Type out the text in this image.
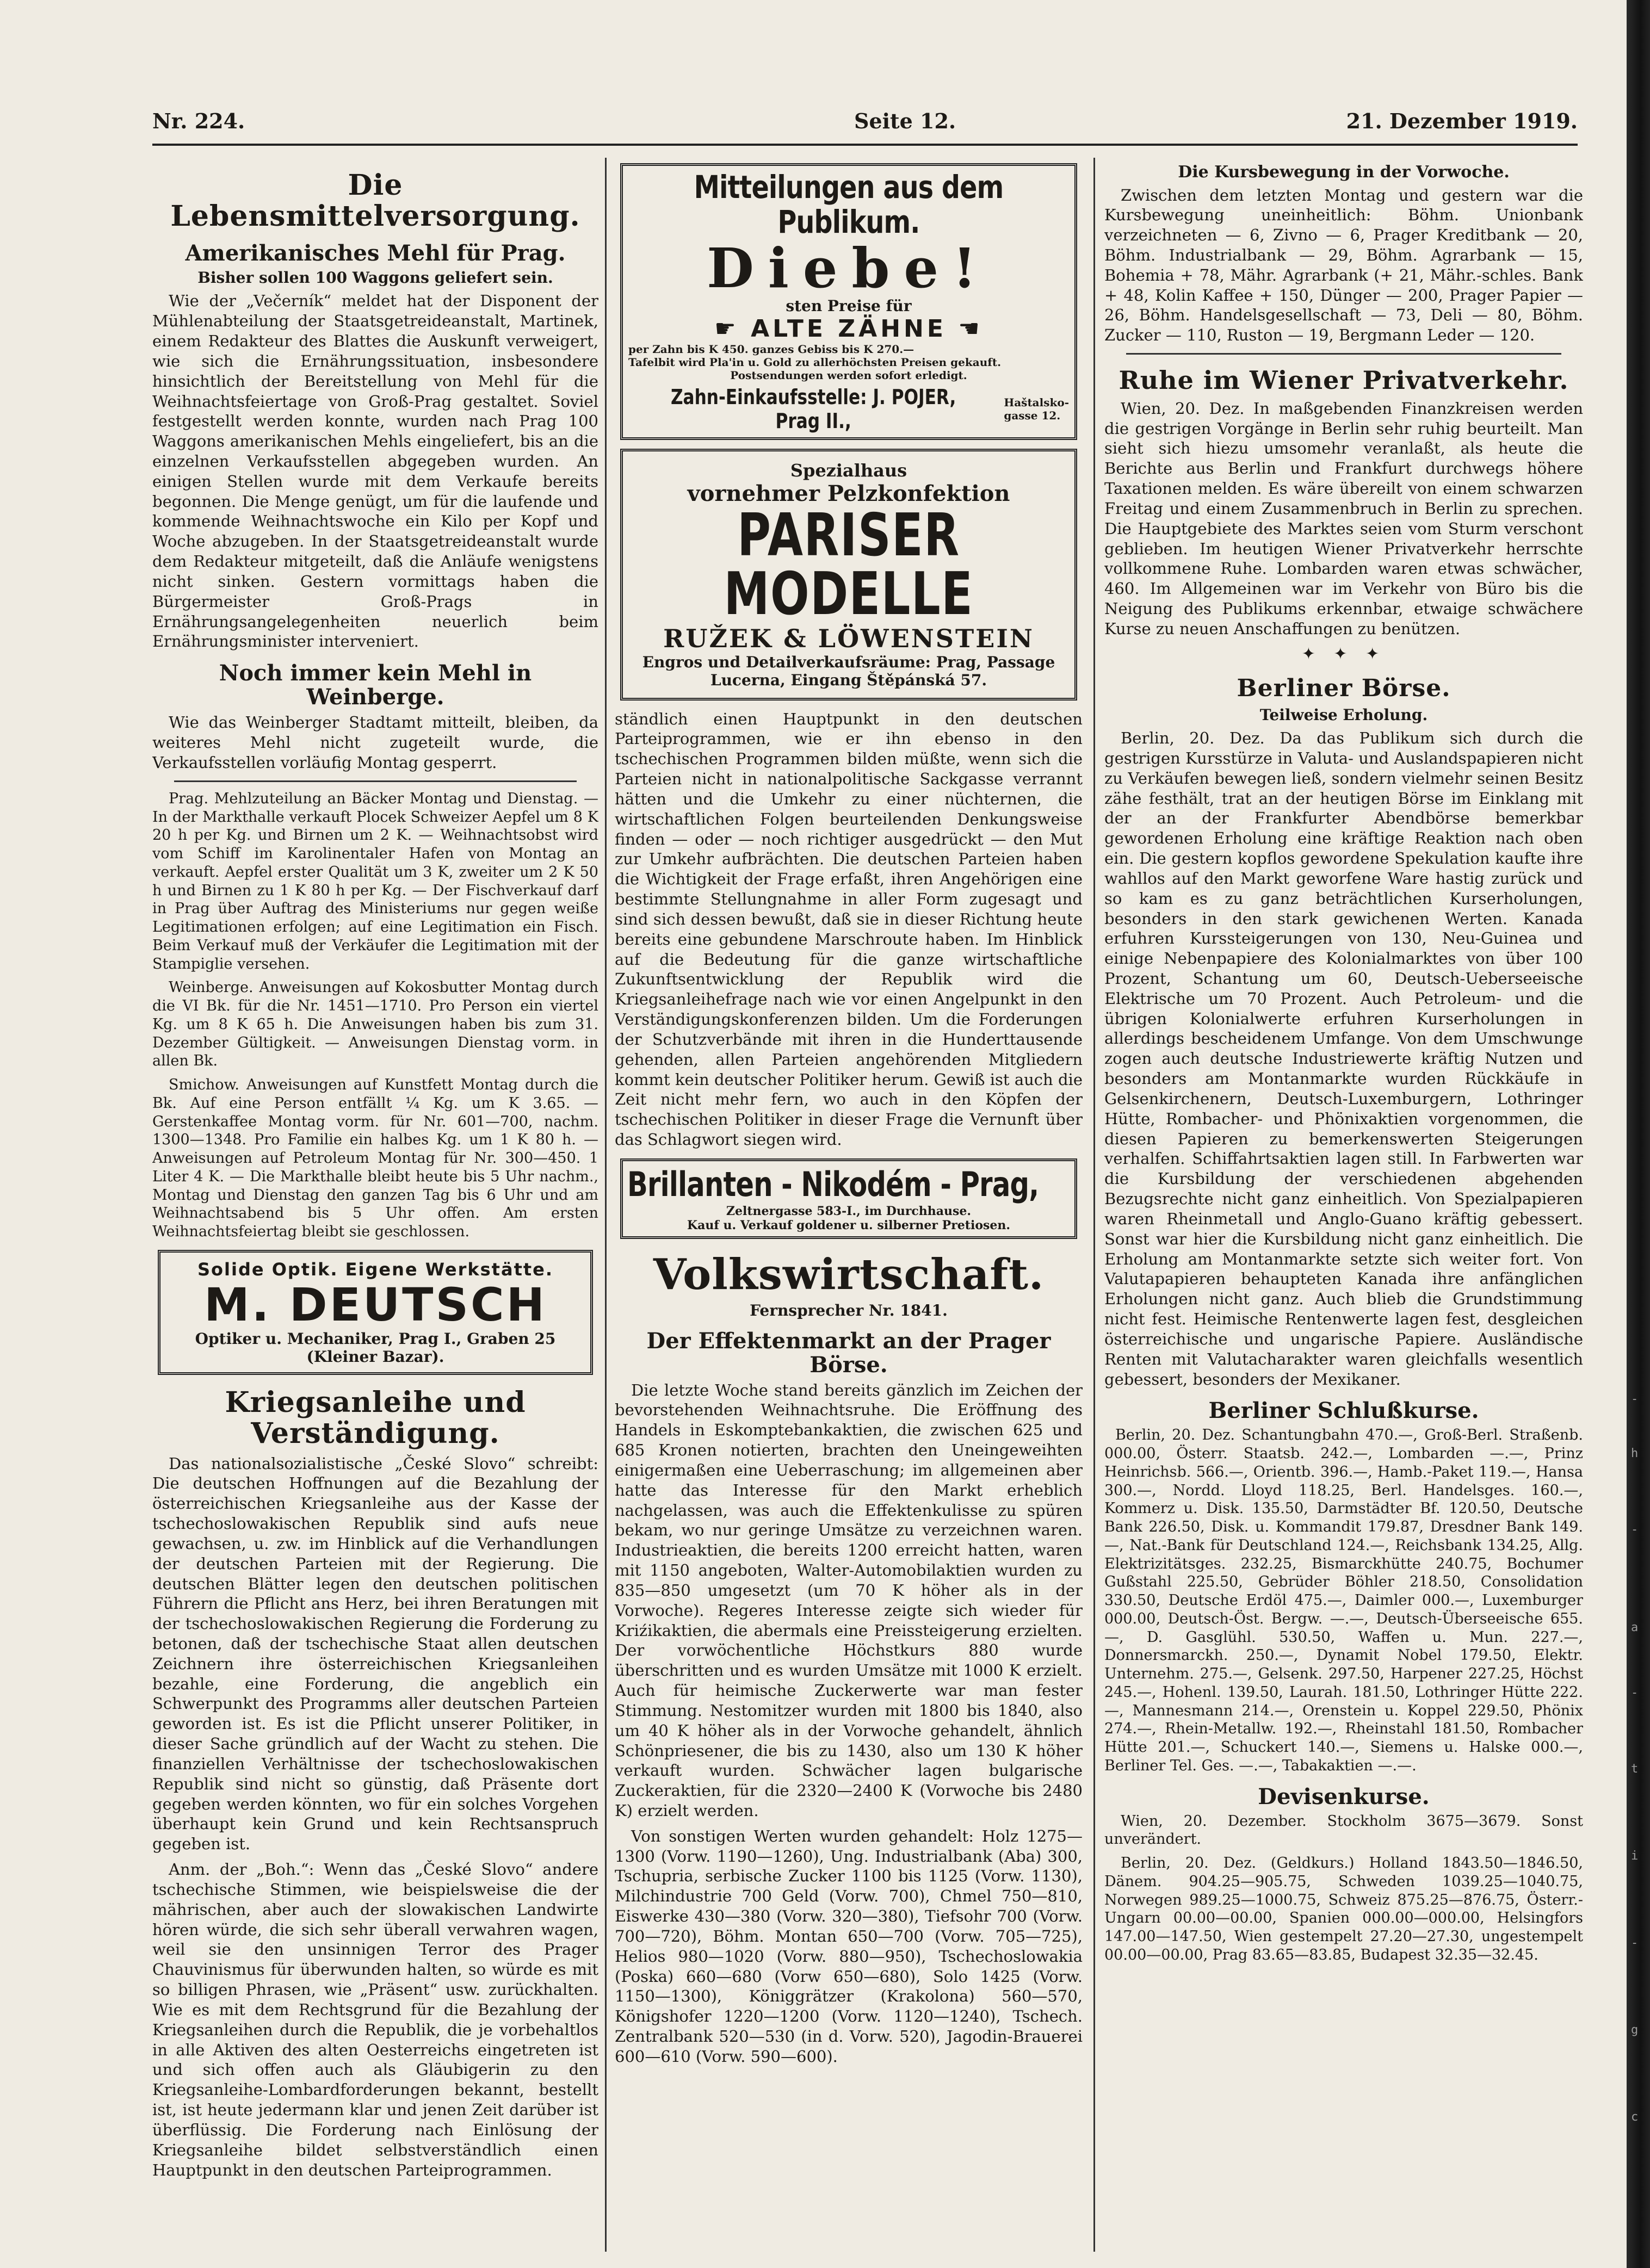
Nr. 224.	Seite 12.	21. Dezember 1919.
Die Lebensmittelversorgung.
Amerikanisches Mehl für Prag.
Bisher sollen 100 Waggons geliefert sein.

Wie der „Večerník“ meldet hat der Disponent der Mühlenabteilung der Staatsgetreideanstalt, Martinek, einem Redakteur des Blattes die Auskunft verweigert, wie sich die Ernährungssituation, insbesondere hinsichtlich der Bereitstellung von Mehl für die Weihnachtsfeiertage von Groß-Prag gestaltet. Soviel festgestellt werden konnte, wurden nach Prag 100 Waggons amerikanischen Mehls eingeliefert, bis an die einzelnen Verkaufsstellen abgegeben wurden. An einigen Stellen wurde mit dem Verkaufe bereits begonnen. Die Menge genügt, um für die laufende und kommende Weihnachtswoche ein Kilo per Kopf und Woche abzugeben. In der Staatsgetreideanstalt wurde dem Redakteur mitgeteilt, daß die Anläufe wenigstens nicht sinken. Gestern vormittags haben die Bürgermeister Groß-Prags in Ernährungsangelegenheiten neuerlich beim Ernährungsminister interveniert.

Noch immer kein Mehl in Weinberge.

Wie das Weinberger Stadtamt mitteilt, bleiben, da weiteres Mehl nicht zugeteilt wurde, die Verkaufsstellen vorläufig Montag gesperrt.

Prag. Mehlzuteilung an Bäcker Montag und Dienstag. — In der Markthalle verkauft Plocek Schweizer Aepfel um 8 K 20 h per Kg. und Birnen um 2 K. — Weihnachtsobst wird vom Schiff im Karolinentaler Hafen von Montag an verkauft. Aepfel erster Qualität um 3 K, zweiter um 2 K 50 h und Birnen zu 1 K 80 h per Kg. — Der Fischverkauf darf in Prag über Auftrag des Ministeriums nur gegen weiße Legitimationen erfolgen; auf eine Legitimation ein Fisch. Beim Verkauf muß der Verkäufer die Legitimation mit der Stampiglie versehen.

Weinberge. Anweisungen auf Kokosbutter Montag durch die VI Bk. für die Nr. 1451—1710. Pro Person ein viertel Kg. um 8 K 65 h. Die Anweisungen haben bis zum 31. Dezember Gültigkeit. — Anweisungen Dienstag vorm. in allen Bk.

Smichow. Anweisungen auf Kunstfett Montag durch die Bk. Auf eine Person entfällt ¼ Kg. um K 3.65. — Gerstenkaffee Montag vorm. für Nr. 601—700, nachm. 1300—1348. Pro Familie ein halbes Kg. um 1 K 80 h. — Anweisungen auf Petroleum Montag für Nr. 300—450. 1 Liter 4 K. — Die Markthalle bleibt heute bis 5 Uhr nachm., Montag und Dienstag den ganzen Tag bis 6 Uhr und am Weihnachtsabend bis 5 Uhr offen. Am ersten Weihnachtsfeiertag bleibt sie geschlossen.

Solide Optik. Eigene Werkstätte.
M. DEUTSCH
Optiker u. Mechaniker, Prag I., Graben 25
(Kleiner Bazar).
Kriegsanleihe und Verständigung.

Das nationalsozialistische „České Slovo“ schreibt: Die deutschen Hoffnungen auf die Bezahlung der österreichischen Kriegsanleihe aus der Kasse der tschechoslowakischen Republik sind aufs neue gewachsen, u. zw. im Hinblick auf die Verhandlungen der deutschen Parteien mit der Regierung. Die deutschen Blätter legen den deutschen politischen Führern die Pflicht ans Herz, bei ihren Beratungen mit der tschechoslowakischen Regierung die Forderung zu betonen, daß der tschechische Staat allen deutschen Zeichnern ihre österreichischen Kriegsanleihen bezahle, eine Forderung, die angeblich ein Schwerpunkt des Programms aller deutschen Parteien geworden ist. Es ist die Pflicht unserer Politiker, in dieser Sache gründlich auf der Wacht zu stehen. Die finanziellen Verhältnisse der tschechoslowakischen Republik sind nicht so günstig, daß Präsente dort gegeben werden könnten, wo für ein solches Vorgehen überhaupt kein Grund und kein Rechtsanspruch gegeben ist.

Anm. der „Boh.“: Wenn das „České Slovo“ andere tschechische Stimmen, wie beispielsweise die der mährischen, aber auch der slowakischen Landwirte hören würde, die sich sehr überall verwahren wagen, weil sie den unsinnigen Terror des Prager Chauvinismus für überwunden halten, so würde es mit so billigen Phrasen, wie „Präsent“ usw. zurückhalten. Wie es mit dem Rechtsgrund für die Bezahlung der Kriegsanleihen durch die Republik, die je vorbehaltlos in alle Aktiven des alten Oesterreichs eingetreten ist und sich offen auch als Gläubigerin zu den Kriegsanleihe-Lombardforderungen bekannt, bestellt ist, ist heute jedermann klar und jenen Zeit darüber ist überflüssig. Die Forderung nach Einlösung der Kriegsanleihe bildet selbstverständlich einen Hauptpunkt in den deutschen Parteiprogrammen.

Mitteilungen aus dem Publikum.
Diebe!
sten Preise für
☛ ALTE ZÄHNE ☚
per Zahn bis K 450. ganzes Gebiss bis K 270.—
Tafelbit wird Pla'in u. Gold zu allerhöchsten Preisen gekauft.
Postsendungen werden sofort erledigt.
Zahn-Einkaufsstelle: J. POJER, Prag II.,
Haštalsko-gasse 12.
Spezialhaus
vornehmer Pelzkonfektion
PARISER MODELLE
RUŽEK & LÖWENSTEIN
Engros und Detailverkaufsräume: Prag, Passage
Lucerna, Eingang Štěpánská 57.

ständlich einen Hauptpunkt in den deutschen Parteiprogrammen, wie er ihn ebenso in den tschechischen Programmen bilden müßte, wenn sich die Parteien nicht in nationalpolitische Sackgasse verrannt hätten und die Umkehr zu einer nüchternen, die wirtschaftlichen Folgen beurteilenden Denkungsweise finden — oder — noch richtiger ausgedrückt — den Mut zur Umkehr aufbrächten. Die deutschen Parteien haben die Wichtigkeit der Frage erfaßt, ihren Angehörigen eine bestimmte Stellungnahme in aller Form zugesagt und sind sich dessen bewußt, daß sie in dieser Richtung heute bereits eine gebundene Marschroute haben. Im Hinblick auf die Bedeutung für die ganze wirtschaftliche Zukunftsentwicklung der Republik wird die Kriegsanleihefrage nach wie vor einen Angelpunkt in den Verständigungskonferenzen bilden. Um die Forderungen der Schutzverbände mit ihren in die Hunderttausende gehenden, allen Parteien angehörenden Mitgliedern kommt kein deutscher Politiker herum. Gewiß ist auch die Zeit nicht mehr fern, wo auch in den Köpfen der tschechischen Politiker in dieser Frage die Vernunft über das Schlagwort siegen wird.

Brillanten - Nikodém - Prag,
Zeltnergasse 583-I., im Durchhause.
Kauf u. Verkauf goldener u. silberner Pretiosen.
Volkswirtschaft.
Fernsprecher Nr. 1841.
Der Effektenmarkt an der Prager Börse.

Die letzte Woche stand bereits gänzlich im Zeichen der bevorstehenden Weihnachtsruhe. Die Eröffnung des Handels in Eskomptebankaktien, die zwischen 625 und 685 Kronen notierten, brachten den Uneingeweihten einigermaßen eine Ueberraschung; im allgemeinen aber hatte das Interesse für den Markt erheblich nachgelassen, was auch die Effektenkulisse zu spüren bekam, wo nur geringe Umsätze zu verzeichnen waren. Industrieaktien, die bereits 1200 erreicht hatten, waren mit 1150 angeboten, Walter-Automobilaktien wurden zu 835—850 umgesetzt (um 70 K höher als in der Vorwoche). Regeres Interesse zeigte sich wieder für Kriźikaktien, die abermals eine Preissteigerung erzielten. Der vorwöchentliche Höchstkurs 880 wurde überschritten und es wurden Umsätze mit 1000 K erzielt. Auch für heimische Zuckerwerte war man fester Stimmung. Nestomitzer wurden mit 1800 bis 1840, also um 40 K höher als in der Vorwoche gehandelt, ähnlich Schönpriesener, die bis zu 1430, also um 130 K höher verkauft wurden. Schwächer lagen bulgarische Zuckeraktien, für die 2320—2400 K (Vorwoche bis 2480 K) erzielt werden.

Von sonstigen Werten wurden gehandelt: Holz 1275—1300 (Vorw. 1190—1260), Ung. Industrialbank (Aba) 300, Tschupria, serbische Zucker 1100 bis 1125 (Vorw. 1130), Milchindustrie 700 Geld (Vorw. 700), Chmel 750—810, Eiswerke 430—380 (Vorw. 320—380), Tiefsohr 700 (Vorw. 700—720), Böhm. Montan 650—700 (Vorw. 705—725), Helios 980—1020 (Vorw. 880—950), Tschechoslowakia (Poska) 660—680 (Vorw 650—680), Solo 1425 (Vorw. 1150—1300), Königgrätzer (Krakolona) 560—570, Königshofer 1220—1200 (Vorw. 1120—1240), Tschech. Zentralbank 520—530 (in d. Vorw. 520), Jagodin-Brauerei 600—610 (Vorw. 590—600).

Die Kursbewegung in der Vorwoche.

Zwischen dem letzten Montag und gestern war die Kursbewegung uneinheitlich: Böhm. Unionbank verzeichneten — 6, Zivno — 6, Prager Kreditbank — 20, Böhm. Industrialbank — 29, Böhm. Agrarbank — 15, Bohemia + 78, Mähr. Agrarbank (+ 21, Mähr.-schles. Bank + 48, Kolin Kaffee + 150, Dünger — 200, Prager Papier — 26, Böhm. Handelsgesellschaft — 73, Deli — 80, Böhm. Zucker — 110, Ruston — 19, Bergmann Leder — 120.

Ruhe im Wiener Privatverkehr.

Wien, 20. Dez. In maßgebenden Finanzkreisen werden die gestrigen Vorgänge in Berlin sehr ruhig beurteilt. Man sieht sich hiezu umsomehr veranlaßt, als heute die Berichte aus Berlin und Frankfurt durchwegs höhere Taxationen melden. Es wäre übereilt von einem schwarzen Freitag und einem Zusammenbruch in Berlin zu sprechen. Die Hauptgebiete des Marktes seien vom Sturm verschont geblieben. Im heutigen Wiener Privatverkehr herrschte vollkommene Ruhe. Lombarden waren etwas schwächer, 460. Im Allgemeinen war im Verkehr von Büro bis die Neigung des Publikums erkennbar, etwaige schwächere Kurse zu neuen Anschaffungen zu benützen.

✦ ✦ ✦
Berliner Börse.
Teilweise Erholung.

Berlin, 20. Dez. Da das Publikum sich durch die gestrigen Kursstürze in Valuta- und Auslandspapieren nicht zu Verkäufen bewegen ließ, sondern vielmehr seinen Besitz zähe festhält, trat an der heutigen Börse im Einklang mit der an der Frankfurter Abendbörse bemerkbar gewordenen Erholung eine kräftige Reaktion nach oben ein. Die gestern kopflos gewordene Spekulation kaufte ihre wahllos auf den Markt geworfene Ware hastig zurück und so kam es zu ganz beträchtlichen Kurserholungen, besonders in den stark gewichenen Werten. Kanada erfuhren Kurssteigerungen von 130, Neu-Guinea und einige Nebenpapiere des Kolonialmarktes von über 100 Prozent, Schantung um 60, Deutsch-Ueberseeische Elektrische um 70 Prozent. Auch Petroleum- und die übrigen Kolonialwerte erfuhren Kurserholungen in allerdings bescheidenem Umfange. Von dem Umschwunge zogen auch deutsche Industriewerte kräftig Nutzen und besonders am Montanmarkte wurden Rückkäufe in Gelsenkirchenern, Deutsch-Luxemburgern, Lothringer Hütte, Rombacher- und Phönixaktien vorgenommen, die diesen Papieren zu bemerkenswerten Steigerungen verhalfen. Schiffahrtsaktien lagen still. In Farbwerten war die Kursbildung der verschiedenen abgehenden Bezugsrechte nicht ganz einheitlich. Von Spezialpapieren waren Rheinmetall und Anglo-Guano kräftig gebessert. Sonst war hier die Kursbildung nicht ganz einheitlich. Die Erholung am Montanmarkte setzte sich weiter fort. Von Valutapapieren behaupteten Kanada ihre anfänglichen Erholungen nicht ganz. Auch blieb die Grundstimmung nicht fest. Heimische Rentenwerte lagen fest, desgleichen österreichische und ungarische Papiere. Ausländische Renten mit Valutacharakter waren gleichfalls wesentlich gebessert, besonders der Mexikaner.

Berliner Schlußkurse.

Berlin, 20. Dez. Schantungbahn 470.—, Groß-Berl. Straßenb. 000.00, Österr. Staatsb. 242.—, Lombarden —.—, Prinz Heinrichsb. 566.—, Orientb. 396.—, Hamb.-Paket 119.—, Hansa 300.—, Nordd. Lloyd 118.25, Berl. Handelsges. 160.—, Kommerz u. Disk. 135.50, Darmstädter Bf. 120.50, Deutsche Bank 226.50, Disk. u. Kommandit 179.87, Dresdner Bank 149.—, Nat.-Bank für Deutschland 124.—, Reichsbank 134.25, Allg. Elektrizitätsges. 232.25, Bismarckhütte 240.75, Bochumer Gußstahl 225.50, Gebrüder Böhler 218.50, Consolidation 330.50, Deutsche Erdöl 475.—, Daimler 000.—, Luxemburger 000.00, Deutsch-Öst. Bergw. —.—, Deutsch-Überseeische 655.—, D. Gasglühl. 530.50, Waffen u. Mun. 227.—, Donnersmarckh. 250.—, Dynamit Nobel 179.50, Elektr. Unternehm. 275.—, Gelsenk. 297.50, Harpener 227.25, Höchst 245.—, Hohenl. 139.50, Laurah. 181.50, Lothringer Hütte 222.—, Mannesmann 214.—, Orenstein u. Koppel 229.50, Phönix 274.—, Rhein-Metallw. 192.—, Rheinstahl 181.50, Rombacher Hütte 201.—, Schuckert 140.—, Siemens u. Halske 000.—, Berliner Tel. Ges. —.—, Tabakaktien —.—.

Devisenkurse.

Wien, 20. Dezember. Stockholm 3675—3679. Sonst unverändert.

Berlin, 20. Dez. (Geldkurs.) Holland 1843.50—1846.50, Dänem. 904.25—905.75, Schweden 1039.25—1040.75, Norwegen 989.25—1000.75, Schweiz 875.25—876.75, Österr.-Ungarn 00.00—00.00, Spanien 000.00—000.00, Helsingfors 147.00—147.50, Wien gestempelt 27.20—27.30, ungestempelt 00.00—00.00, Prag 83.65—83.85, Budapest 32.35—32.45.

-
h
-
a
-
t
i
-
g
c
